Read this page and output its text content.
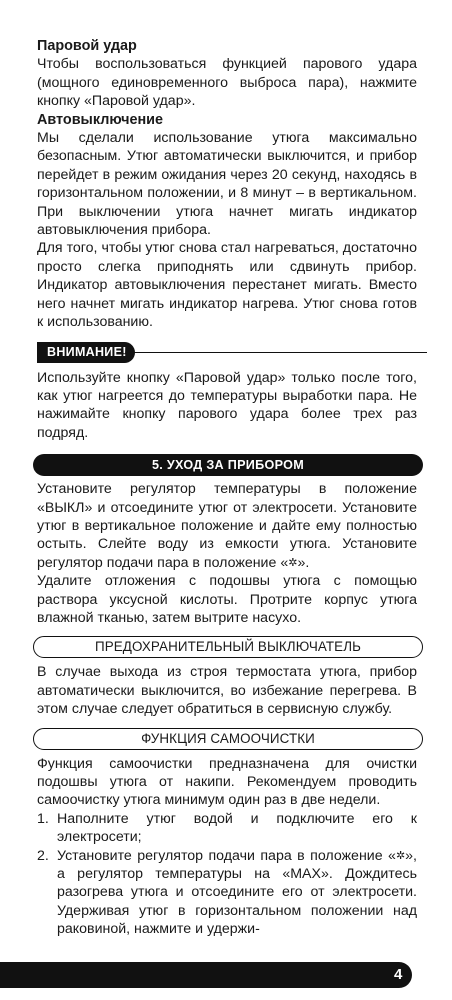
Паровой удар

Чтобы воспользоваться функцией парового удара (мощного единовременного выброса пара), нажмите кнопку «Паровой удар».

Автовыключение

Мы сделали использование утюга максимально безопасным. Утюг автоматически выключится, и прибор перейдет в режим ожидания через 20 секунд, находясь в горизонтальном положении, и 8 минут – в вертикальном. При выключении утюга начнет мигать индикатор автовыключения прибора.

Для того, чтобы утюг снова стал нагреваться, достаточно просто слегка приподнять или сдвинуть прибор. Индикатор автовыключения перестанет мигать. Вместо него начнет мигать индикатор нагрева. Утюг снова готов к использованию.

ВНИМАНИЕ!

Используйте кнопку «Паровой удар» только после того, как утюг нагреется до температуры выработки пара. Не нажимайте кнопку парового удара более трех раз подряд.

5. УХОД ЗА ПРИБОРОМ

Установите регулятор температуры в положение «ВЫКЛ» и отсоедините утюг от электросети. Установите утюг в вертикальное положение и дайте ему полностью остыть. Слейте воду из емкости утюга. Установите регулятор подачи пара в положение «✲».

Удалите отложения с подошвы утюга с помощью раствора уксусной кислоты. Протрите корпус утюга влажной тканью, затем вытрите насухо.

ПРЕДОХРАНИТЕЛЬНЫЙ ВЫКЛЮЧАТЕЛЬ

В случае выхода из строя термостата утюга, прибор автоматически выключится, во избежание перегрева. В этом случае следует обратиться в сервисную службу.

ФУНКЦИЯ САМООЧИСТКИ

Функция самоочистки предназначена для очистки подошвы утюга от накипи. Рекомендуем проводить самоочистку утюга минимум один раз в две недели.

1. Наполните утюг водой и подключите его к электросети;
2. Установите регулятор подачи пара в положение «✲», а регулятор температуры на «MAX». Дождитесь разогрева утюга и отсоедините его от электросети. Удерживая утюг в горизонтальном положении над раковиной, нажмите и удержи-
4
